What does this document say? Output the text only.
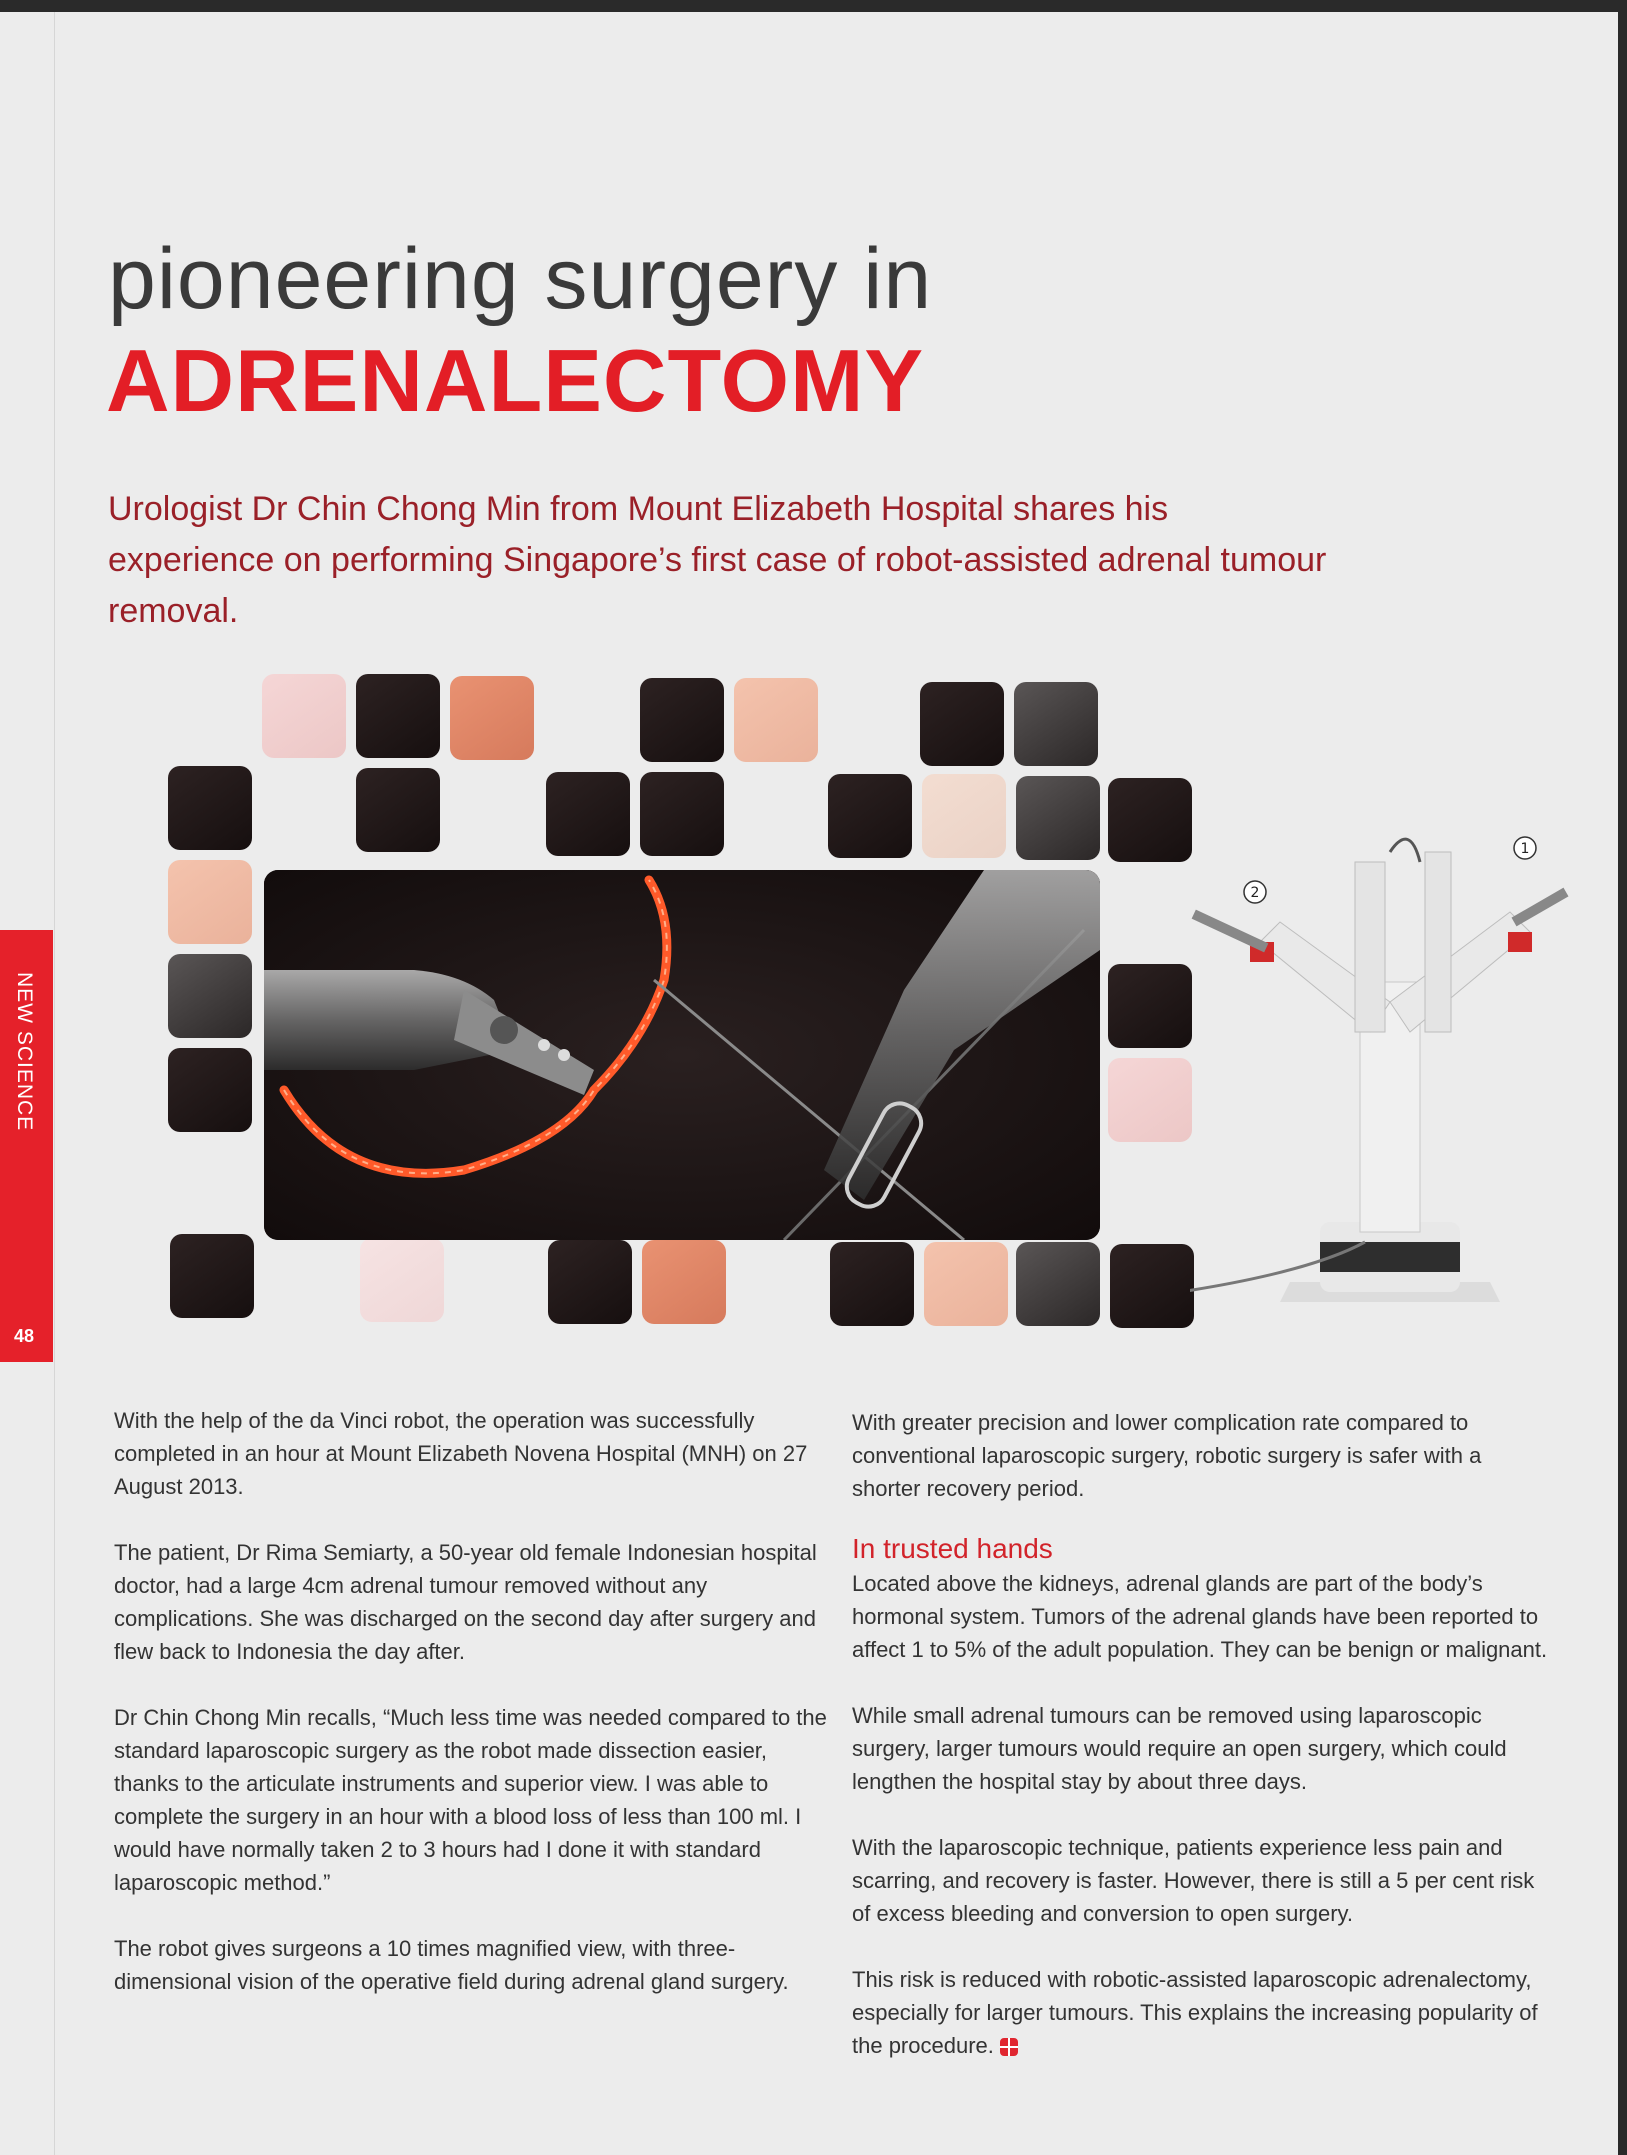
NEW SCIENCE
48
pioneering surgery in
ADRENALECTOMY
Urologist Dr Chin Chong Min from Mount Elizabeth Hospital shares his experience on performing Singapore’s first case of robot-assisted adrenal tumour removal.
2
1

With the help of the da Vinci robot, the operation was successfully completed in an hour at Mount Elizabeth Novena Hospital (MNH) on 27 August 2013.

The patient, Dr Rima Semiarty, a 50-year old female Indonesian hospital doctor, had a large 4cm adrenal tumour removed without any complications. She was discharged on the second day after surgery and flew back to Indonesia the day after.

Dr Chin Chong Min recalls, “Much less time was needed compared to the standard laparoscopic surgery as the robot made dissection easier, thanks to the articulate instruments and superior view. I was able to complete the surgery in an hour with a blood loss of less than 100 ml. I would have normally taken 2 to 3 hours had I done it with standard laparoscopic method.”

The robot gives surgeons a 10 times magnified view, with three-dimensional vision of the operative field during adrenal gland surgery.

With greater precision and lower complication rate compared to conventional laparoscopic surgery, robotic surgery is safer with a shorter recovery period.

In trusted hands

Located above the kidneys, adrenal glands are part of the body’s hormonal system. Tumors of the adrenal glands have been reported to affect 1 to 5% of the adult population. They can be benign or malignant.

While small adrenal tumours can be removed using laparoscopic surgery, larger tumours would require an open surgery, which could lengthen the hospital stay by about three days.

With the laparoscopic technique, patients experience less pain and scarring, and recovery is faster. However, there is still a 5 per cent risk of excess bleeding and conversion to open surgery.

This risk is reduced with robotic-assisted laparoscopic adrenalectomy, especially for larger tumours. This explains the increasing popularity of the procedure.
